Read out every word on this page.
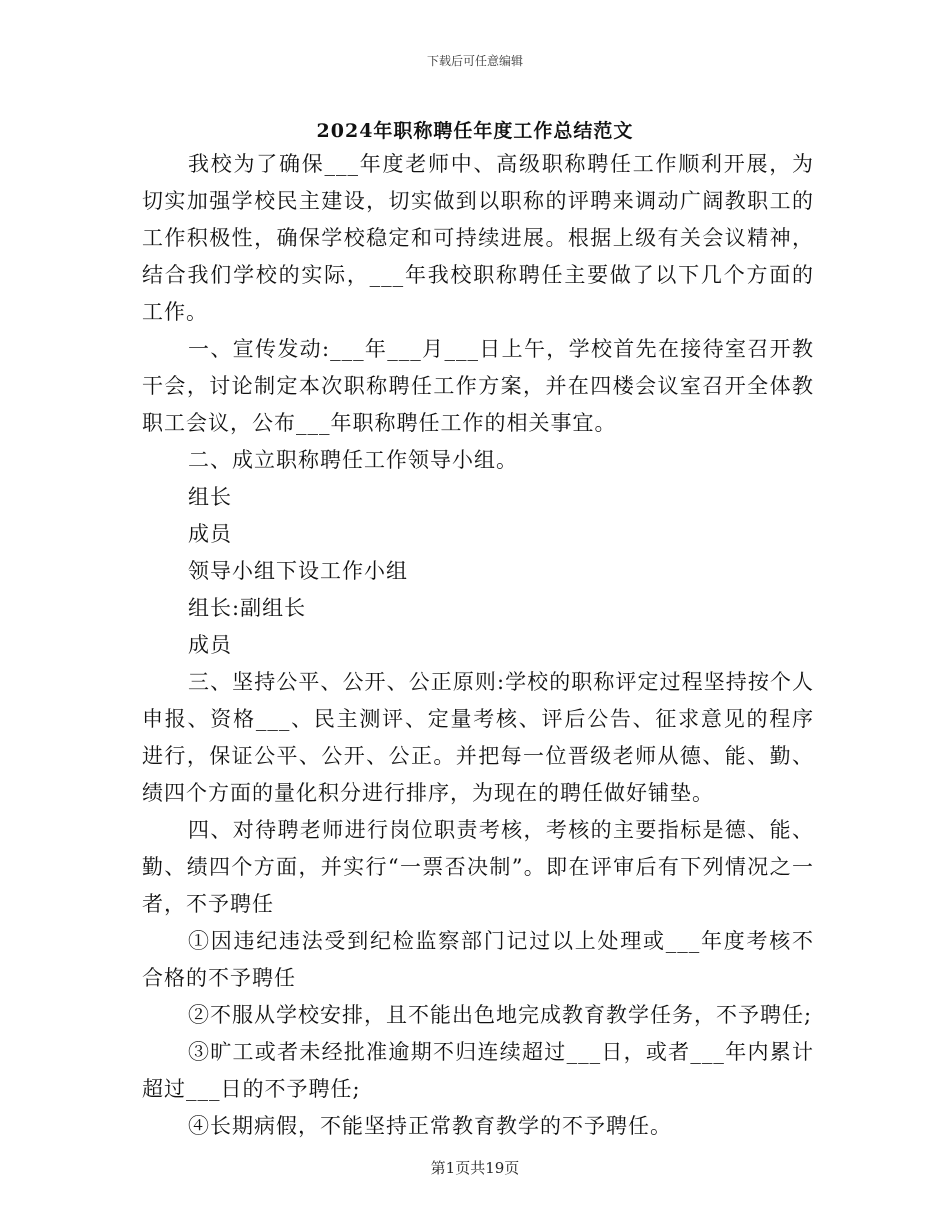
下载后可任意编辑
2024年职称聘任年度工作总结范文

我校为了确保___年度老师中、高级职称聘任工作顺利开展，为切实加强学校民主建设，切实做到以职称的评聘来调动广阔教职工的工作积极性，确保学校稳定和可持续进展。根据上级有关会议精神，结合我们学校的实际，___年我校职称聘任主要做了以下几个方面的工作。

一、宣传发动:___年___月___日上午，学校首先在接待室召开教干会，讨论制定本次职称聘任工作方案，并在四楼会议室召开全体教职工会议，公布___年职称聘任工作的相关事宜。

二、成立职称聘任工作领导小组。

组长

成员

领导小组下设工作小组

组长:副组长

成员

三、坚持公平、公开、公正原则:学校的职称评定过程坚持按个人申报、资格___、民主测评、定量考核、评后公告、征求意见的程序进行，保证公平、公开、公正。并把每一位晋级老师从德、能、勤、绩四个方面的量化积分进行排序，为现在的聘任做好铺垫。

四、对待聘老师进行岗位职责考核，考核的主要指标是德、能、勤、绩四个方面，并实行“一票否决制”。即在评审后有下列情况之一者，不予聘任

①因违纪违法受到纪检监察部门记过以上处理或___年度考核不合格的不予聘任

②不服从学校安排，且不能出色地完成教育教学任务，不予聘任;

③旷工或者未经批准逾期不归连续超过___日，或者___年内累计超过___日的不予聘任;

④长期病假，不能坚持正常教育教学的不予聘任。

第1页共19页
